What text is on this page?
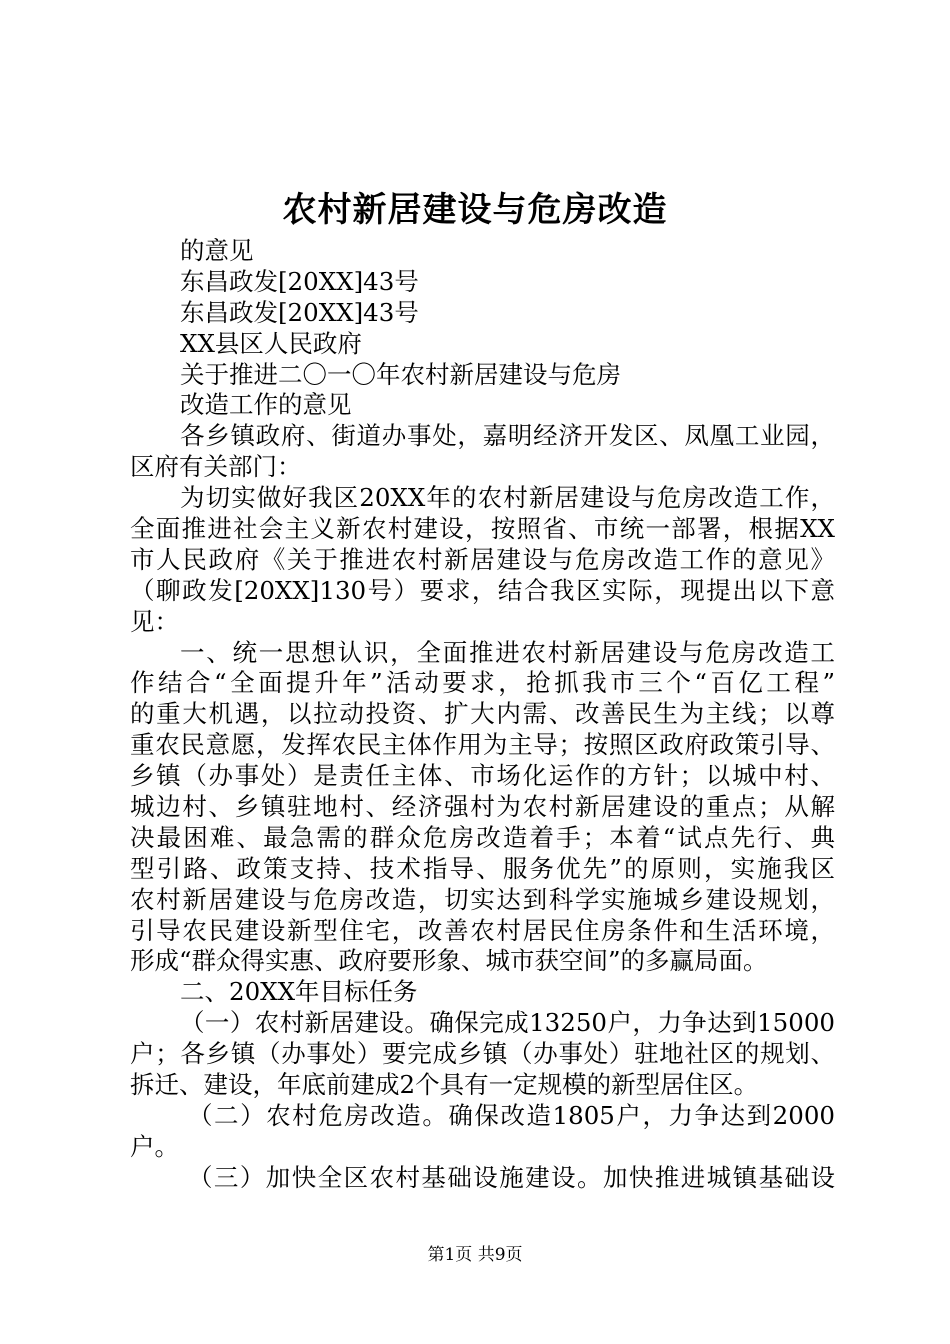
农村新居建设与危房改造
的意见
东昌政发[20XX]43号
东昌政发[20XX]43号
XX县区人民政府
关于推进二〇一〇年农村新居建设与危房
改造工作的意见
各乡镇政府、街道办事处，嘉明经济开发区、凤凰工业园，
区府有关部门：
为切实做好我区20XX年的农村新居建设与危房改造工作，
全面推进社会主义新农村建设，按照省、市统一部署，根据XX
市人民政府《关于推进农村新居建设与危房改造工作的意见》
（聊政发[20XX]130号）要求，结合我区实际，现提出以下意
见：
一、统一思想认识，全面推进农村新居建设与危房改造工
作结合“全面提升年”活动要求，抢抓我市三个“百亿工程”
的重大机遇，以拉动投资、扩大内需、改善民生为主线；以尊
重农民意愿，发挥农民主体作用为主导；按照区政府政策引导、
乡镇（办事处）是责任主体、市场化运作的方针；以城中村、
城边村、乡镇驻地村、经济强村为农村新居建设的重点；从解
决最困难、最急需的群众危房改造着手；本着“试点先行、典
型引路、政策支持、技术指导、服务优先”的原则，实施我区
农村新居建设与危房改造，切实达到科学实施城乡建设规划，
引导农民建设新型住宅，改善农村居民住房条件和生活环境，
形成“群众得实惠、政府要形象、城市获空间”的多赢局面。
二、20XX年目标任务
（一）农村新居建设。确保完成13250户，力争达到15000
户；各乡镇（办事处）要完成乡镇（办事处）驻地社区的规划、
拆迁、建设，年底前建成2个具有一定规模的新型居住区。
（二）农村危房改造。确保改造1805户，力争达到2000
户。
（三）加快全区农村基础设施建设。加快推进城镇基础设
第1页 共9页
